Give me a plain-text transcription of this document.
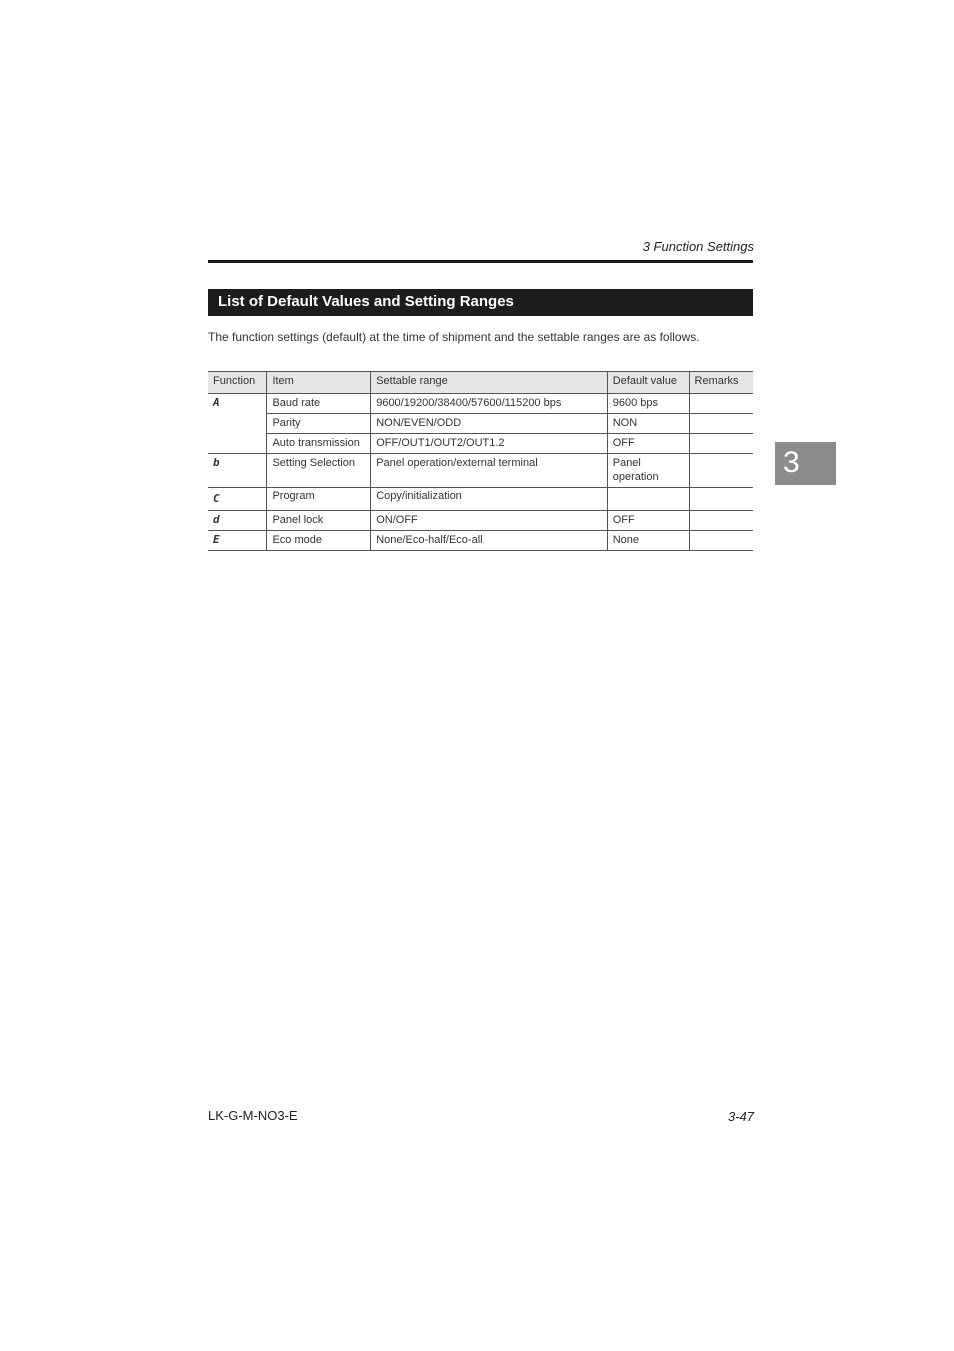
3 Function Settings
List of Default Values and Setting Ranges
The function settings (default) at the time of shipment and the settable ranges are as follows.
Function	Item	Settable range	Default value	Remarks
A	Baud rate	9600/19200/38400/57600/115200 bps	9600 bps	
	Parity	NON/EVEN/ODD	NON	
	Auto transmission	OFF/OUT1/OUT2/OUT1.2	OFF	
b	Setting Selection	Panel operation/external terminal	Panel operation	
C	Program	Copy/initialization		
d	Panel lock	ON/OFF	OFF	
E	Eco mode	None/Eco-half/Eco-all	None	
3
LK-G-M-NO3-E	3-47
